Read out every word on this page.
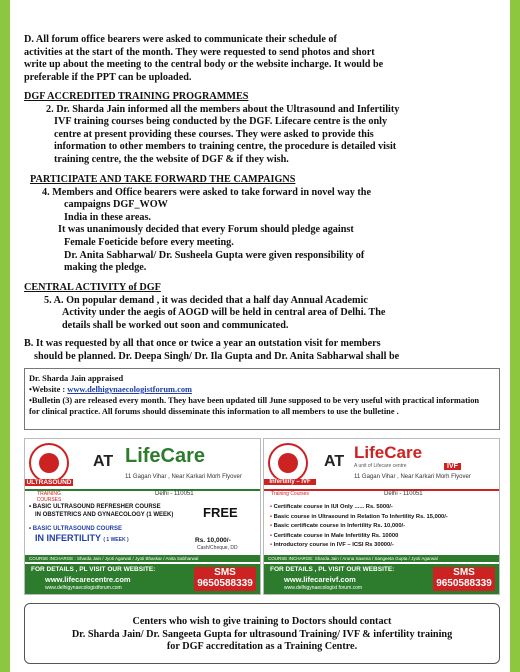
D. All forum office bearers were asked to communicate their schedule of
activities at the start of the month. They were requested to send photos and short
write up about the meeting to the central body or the website incharge. It would be
preferable if the PPT can be uploaded.
DGF ACCREDITED TRAINING PROGRAMMES
2. Dr. Sharda Jain informed all the members about the Ultrasound and Infertility
IVF training courses being conducted by the DGF. Lifecare centre is the only
centre at present providing these courses. They were asked to provide this
information to other members to training centre, the procedure is detailed visit
training centre, the the website of DGF & if they wish.
PARTICIPATE AND TAKE FORWARD THE CAMPAIGNS
4. Members and Office bearers were asked to take forward in novel way the
campaigns DGF_WOW
India in these areas.
It was unanimously decided that every Forum should pledge against
Female Foeticide before every meeting.
Dr. Anita Sabharwal/ Dr. Susheela Gupta were given responsibility of
making the pledge.
CENTRAL ACTIVITY of DGF
5. A. On popular demand , it was decided that a half day Annual Academic
Activity under the aegis of AOGD will be held in central area of Delhi. The
details shall be worked out soon and communicated.
B. It was requested by all that once or twice a year an outstation visit for members
should be planned. Dr. Deepa Singh/ Dr. Ila Gupta and Dr. Anita Sabharwal shall be
Dr. Sharda Jain appraised
•Website : www.delhigynaecologistforum.com
•Bulletin (3) are released every month. They have been updated till June supposed to be very useful with practical information
for clinical practice. All forums should disseminate this information to all members to use the bulletine .
ULTRASOUND
AT LifeCare
11 Gagan Vihar , Near Karkari Morh Flyover
TRAINING COURSES
Delhi - 110051
• BASIC ULTRASOUND REFRESHER COURSE
IN OBSTETRICS AND GYNAECOLOGY (1 WEEK) FREE
• BASIC ULTRASOUND COURSE
IN INFERTILITY ( 1 WEEK )	Rs. 10,000/-
Cash/Cheque, DD
COURSE INCHARGE : Sharda Jain / Jyoti Agarwal / Jyoti Bhaskar / Anita Sabharwal
FOR DETAILS , PL VISIT OUR WEBSITE:
www.lifecarecentre.com
www.delhigynaecologistforum.com
SMS
9650588339
Infertility – IVF
AT LifeCare
A unit of Lifecare centre	IVF
11 Gagan Vihar , Near Karkari Morh Flyover
Training Courses	Delhi - 110051
• Certificate course in IUI Only ...... Rs. 5000/-
• Basic course in Ultrasound in Relation To Infertility Rs. 15,000/-
• Basic certificate course in Infertility Rs. 10,000/-
• Certificate course in Male Infertility Rs. 10000
• Introductory course in IVF – ICSI Rs 30000/-
COURSE INCHARGE: Sharda Jain / Aruna Saxena / Sangeeta Gupta / Jyoti Agarwal
FOR DETAILS , PL VISIT OUR WEBSITE:
www.lifecareivf.com
www.delhigynaecologist forum.com
SMS
9650588339
Centers who wish to give training to Doctors should contact
Dr. Sharda Jain/ Dr. Sangeeta Gupta for ultrasound Training/ IVF & infertility training
for DGF accreditation as a Training Centre.
